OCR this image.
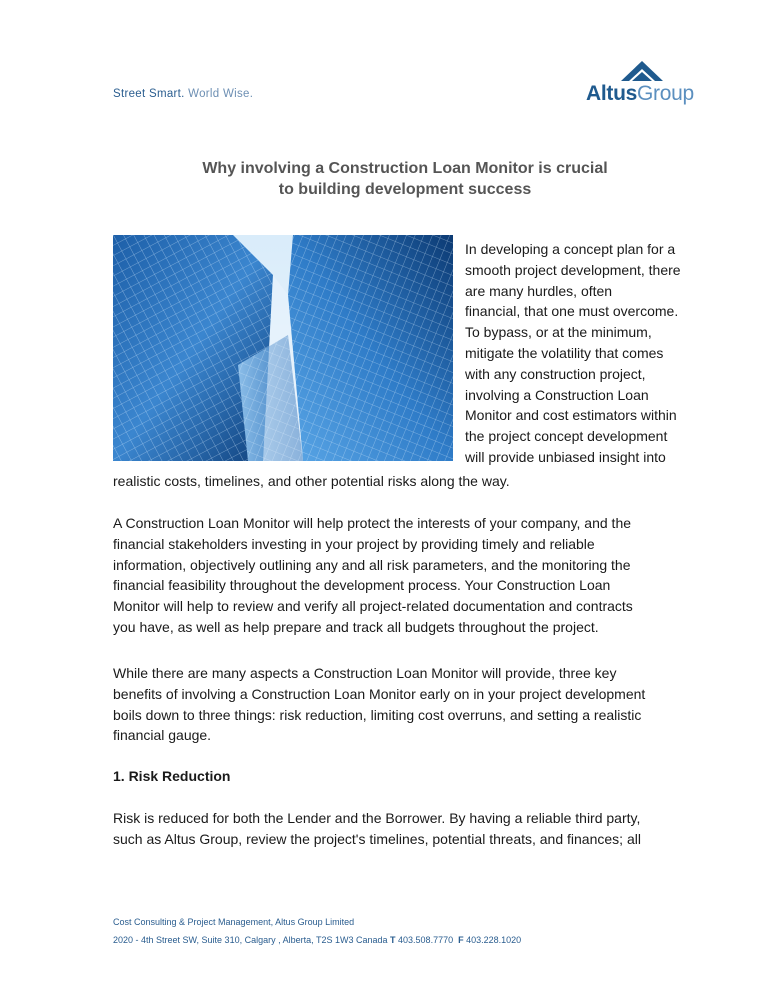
Street Smart. World Wise.	AltusGroup
Why involving a Construction Loan Monitor is crucial
to building development success
In developing a concept plan for a
smooth project development, there
are many hurdles, often
financial, that one must overcome.
To bypass, or at the minimum,
mitigate the volatility that comes
with any construction project,
involving a Construction Loan
Monitor and cost estimators within
the project concept development
will provide unbiased insight into
realistic costs, timelines, and other potential risks along the way.
A Construction Loan Monitor will help protect the interests of your company, and the
financial stakeholders investing in your project by providing timely and reliable
information, objectively outlining any and all risk parameters, and the monitoring the
financial feasibility throughout the development process. Your Construction Loan
Monitor will help to review and verify all project-related documentation and contracts
you have, as well as help prepare and track all budgets throughout the project.
While there are many aspects a Construction Loan Monitor will provide, three key
benefits of involving a Construction Loan Monitor early on in your project development
boils down to three things: risk reduction, limiting cost overruns, and setting a realistic
financial gauge.
1. Risk Reduction
Risk is reduced for both the Lender and the Borrower. By having a reliable third party,
such as Altus Group, review the project's timelines, potential threats, and finances; all
Cost Consulting & Project Management, Altus Group Limited
2020 - 4th Street SW, Suite 310, Calgary , Alberta, T2S 1W3 Canada T 403.508.7770 F 403.228.1020
